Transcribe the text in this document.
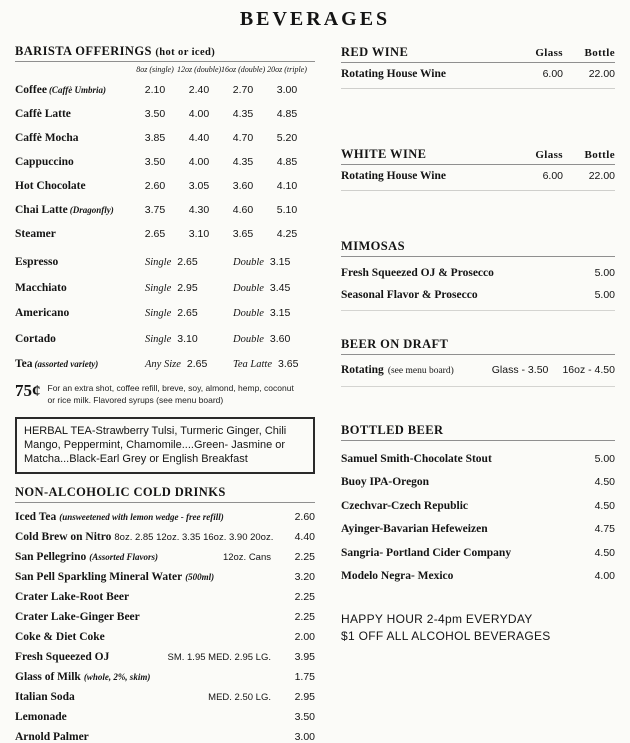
BEVERAGES
BARISTA OFFERINGS (hot or iced)
8oz (single) 12oz (double) 16oz (double) 20oz (triple)
Coffee (Caffè Umbria)	2.10	2.40	2.70	3.00
Caffè Latte	3.50	4.00	4.35	4.85
Caffè Mocha	3.85	4.40	4.70	5.20
Cappuccino	3.50	4.00	4.35	4.85
Hot Chocolate	2.60	3.05	3.60	4.10
Chai Latte (Dragonfly)	3.75	4.30	4.60	5.10
Steamer	2.65	3.10	3.65	4.25
Espresso	Single 2.65	Double 3.15
Macchiato	Single 2.95	Double 3.45
Americano	Single 2.65	Double 3.15
Cortado	Single 3.10	Double 3.60
Tea (assorted variety)	Any Size 2.65	Tea Latte 3.65
75¢ For an extra shot, coffee refill, breve, soy, almond, hemp, coconut or rice milk. Flavored syrups (see menu board)
HERBAL TEA-Strawberry Tulsi, Turmeric Ginger, Chili Mango, Peppermint, Chamomile....Green- Jasmine or Matcha...Black-Earl Grey or English Breakfast
NON-ALCOHOLIC COLD DRINKS
Iced Tea (unsweetened with lemon wedge - free refill)	2.60
Cold Brew on Nitro 8oz. 2.85 12oz. 3.35 16oz. 3.90 20oz.	4.40
San Pellegrino (Assorted Flavors)	12oz. Cans	2.25
San Pell Sparkling Mineral Water (500ml)	3.20
Crater Lake-Root Beer	2.25
Crater Lake-Ginger Beer	2.25
Coke & Diet Coke	2.00
Fresh Squeezed OJ	SM. 1.95 MED. 2.95 LG.	3.95
Glass of Milk (whole, 2%, skim)	1.75
Italian Soda	MED. 2.50 LG.	2.95
Lemonade	3.50
Arnold Palmer	3.00
RED WINE	Glass	Bottle
Rotating House Wine	6.00	22.00
WHITE WINE	Glass	Bottle
Rotating House Wine	6.00	22.00
MIMOSAS
Fresh Squeezed OJ & Prosecco	5.00
Seasonal Flavor & Prosecco	5.00
BEER ON DRAFT
Rotating (see menu board)	Glass - 3.50 16oz - 4.50
BOTTLED BEER
Samuel Smith-Chocolate Stout	5.00
Buoy IPA-Oregon	4.50
Czechvar-Czech Republic	4.50
Ayinger-Bavarian Hefeweizen	4.75
Sangria- Portland Cider Company	4.50
Modelo Negra- Mexico	4.00
HAPPY HOUR 2-4pm EVERYDAY
$1 OFF ALL ALCOHOL BEVERAGES
